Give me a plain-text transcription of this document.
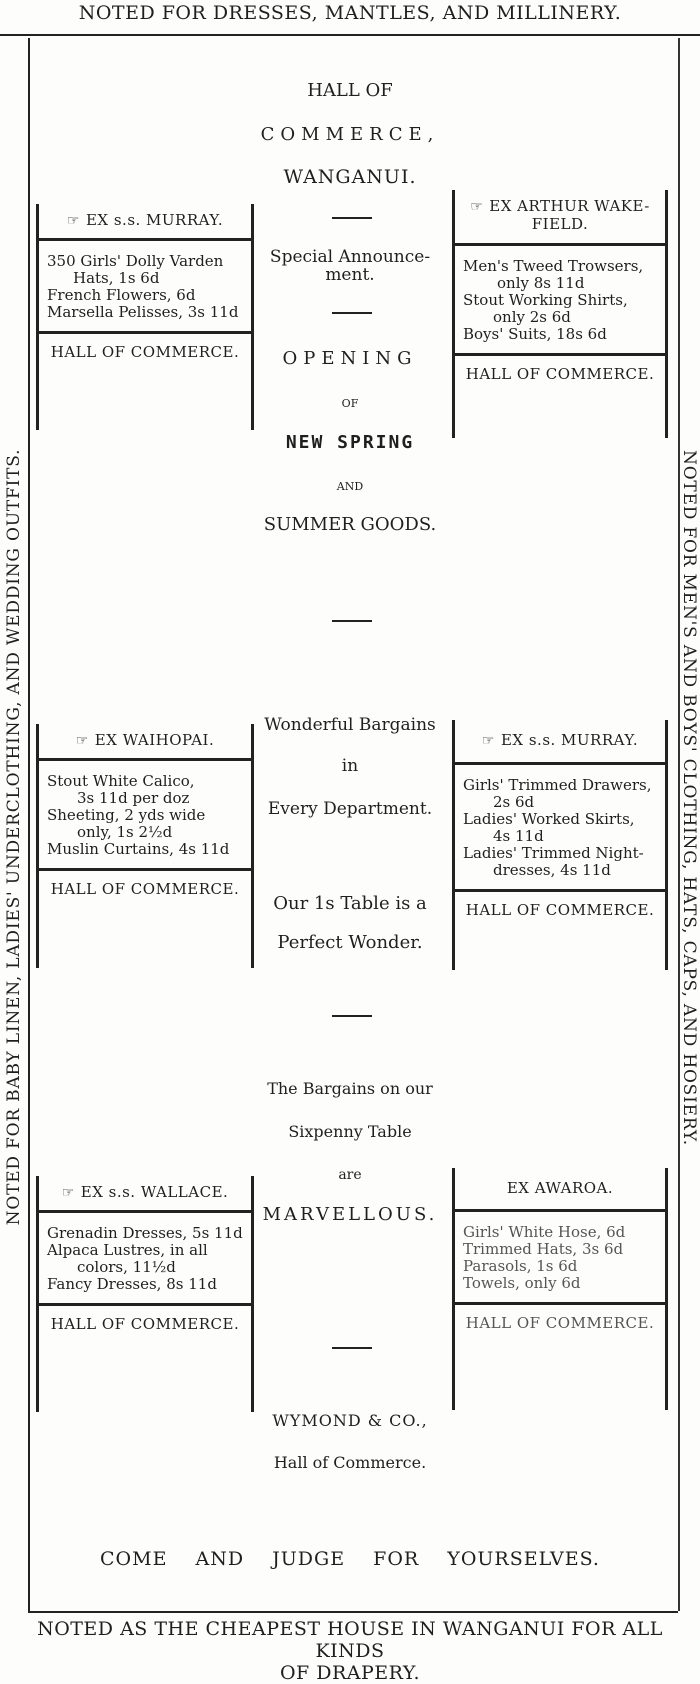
NOTED FOR DRESSES, MANTLES, AND MILLINERY.
NOTED FOR BABY LINEN, LADIES' UNDERCLOTHING, AND WEDDING OUTFITS.	NOTED FOR MEN'S AND BOYS' CLOTHING, HATS, CAPS, AND HOSIERY.
HALL OF
COMMERCE,
WANGANUI.
Special Announce-
ment.
OPENING
OF
NEW SPRING
AND
SUMMER GOODS.
Wonderful Bargains
in
Every Department.
Our 1s Table is a
Perfect Wonder.
The Bargains on our
Sixpenny Table
are
MARVELLOUS.
WYMOND & CO.,
Hall of Commerce.
☞ EX s.s. MURRAY.
350 Girls' Dolly Varden
Hats, 1s 6d
French Flowers, 6d
Marsella Pelisses, 3s 11d
HALL OF COMMERCE.
☞ EX ARTHUR WAKE-FIELD.
Men's Tweed Trowsers,
only 8s 11d
Stout Working Shirts,
only 2s 6d
Boys' Suits, 18s 6d
HALL OF COMMERCE.
☞ EX WAIHOPAI.
Stout White Calico,
3s 11d per doz
Sheeting, 2 yds wide
only, 1s 2½d
Muslin Curtains, 4s 11d
HALL OF COMMERCE.
☞ EX s.s. MURRAY.
Girls' Trimmed Drawers,
2s 6d
Ladies' Worked Skirts,
4s 11d
Ladies' Trimmed Night-
dresses, 4s 11d
HALL OF COMMERCE.
☞ EX s.s. WALLACE.
Grenadin Dresses, 5s 11d
Alpaca Lustres, in all
colors, 11½d
Fancy Dresses, 8s 11d
HALL OF COMMERCE.
EX AWAROA.
Girls' White Hose, 6d
Trimmed Hats, 3s 6d
Parasols, 1s 6d
Towels, only 6d
HALL OF COMMERCE.
COME AND JUDGE FOR YOURSELVES.
NOTED AS THE CHEAPEST HOUSE IN WANGANUI FOR ALL KINDS
OF DRAPERY.
